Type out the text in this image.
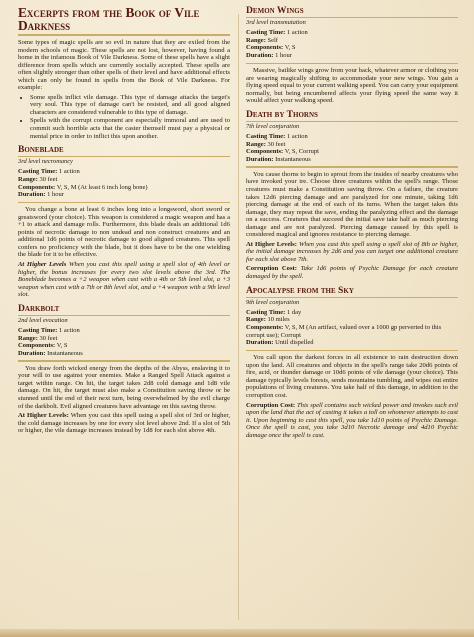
Excerpts from the Book of Vile Darkness

Some types of magic spells are so evil in nature that they are exiled from the modern schools of magic. These spells are not lost, however, having found a home in the infamous Book of Vile Darkness. Some of these spells have a slight difference from spells which are currently socially accepted. These spells are often slightly stronger than other spells of their level and have additional effects which can only be found in spells from the Book of Vile Darkness. For example:

• Some spells inflict vile damage. This type of damage attacks the target's very soul. This type of damage can't be resisted, and all good aligned characters are considered vulnerable to this type of damage.
• Spells with the corrupt component are especially immoral and are used to commit such horrible acts that the caster themself must pay a physical or mental price in order to inflict this upon another.
Boneblade
3rd level necromancy
Casting Time: 1 action
Range: 30 feet
Components: V, S, M (At least 6 inch long bone)
Duration: 1 hour

You change a bone at least 6 inches long into a longsword, short sword or greatsword (your choice). This weapon is considered a magic weapon and has a +1 to attack and damage rolls. Furthermore, this blade deals an additional 1d6 points of necrotic damage to non undead and non construct creatures and an additional 1d6 points of necrotic damage to good aligned creatures. This spell confers no proficiency with the blade, but it does have to be the one wielding the blade for it to be effective.

At Higher Levels When you cast this spell using a spell slot of 4th level or higher, the bonus increases for every two slot levels above the 3rd. The Boneblade becomes a +2 weapon when cast with a 4th or 5th level slot, a +3 weapon when cast with a 7th or 8th level slot, and a +4 weapon with a 9th level slot.

Darkbolt
2nd level evocation
Casting Time: 1 action
Range: 30 feet
Components: V, S
Duration: Instantaneous

You draw forth wicked energy from the depths of the Abyss, enslaving it to your will to use against your enemies. Make a Ranged Spell Attack against a target within range. On hit, the target takes 2d8 cold damage and 1d8 vile damage. On hit, the target must also make a Constitution saving throw or be stunned until the end of their next turn, being overwhelmed by the evil charge of the darkbolt. Evil aligned creatures have advantage on this saving throw.

At Higher Levels: When you cast this spell using a spell slot of 3rd or higher, the cold damage increases by one for every slot level above 2nd. If a slot of 5th or higher, the vile damage increases instead by 1d8 for each slot above 4th.

Demon Wings
3rd level transmutation
Casting Time: 1 action
Range: Self
Components: V, S
Duration: 1 hour

Massive, batlike wings grow from your back, whatever armor or clothing you are wearing magically shifting to accommodate your new wings. You gain a flying speed equal to your current walking speed. You can carry your equipment normally, but being encumbered affects your flying speed the same way it would affect your walking speed.

Death by Thorns
7th level conjuration
Casting Time: 1 action
Range: 30 feet
Components: V, S, Corrupt
Duration: Instantaneous

You cause thorns to begin to sprout from the insides of nearby creatures who have invoked your ire. Choose three creatures within the spell's range. Those creatures must make a Constitution saving throw. On a failure, the creature takes 12d6 piercing damage and are paralyzed for one minute, taking 1d6 piercing damage at the end of each of its turns. When the target takes this damage, they may repeat the save, ending the paralyzing effect and the damage on a success. Creatures that succeed the initial save take half as much piercing damage and are not paralyzed. Piercing damage caused by this spell is considered magical and ignores resistance to piercing damage.

At Higher Levels: When you cast this spell using a spell slot of 8th or higher, the initial damage increases by 2d6 and you can target one additional creature for each slot above 7th.

Corruption Cost: Take 1d6 points of Psychic Damage for each creature damaged by the spell.

Apocalypse from the Sky
9th level conjuration
Casting Time: 1 day
Range: 10 miles
Components: V, S, M (An artifact, valued over a 1000 gp perverted to this corrupt use); Corrupt
Duration: Until dispelled

You call upon the darkest forces in all existence to rain destruction down upon the land. All creatures and objects in the spell's range take 20d6 points of fire, acid, or thunder damage or 10d6 points of vile damage (your choice). This damage typically levels forests, sends mountains tumbling, and wipes out entire populations of living creatures. You take half of this damage, in addition to the corruption cost.

Corruption Cost: This spell contains such wicked power and invokes such evil upon the land that the act of casting it takes a toll on whomever attempts to cast it. Upon beginning to cast this spell, you take 1d10 points of Psychic Damage. Once the spell is cast, you take 3d10 Necrotic damage and 4d10 Psychic damage once the spell is cast.
